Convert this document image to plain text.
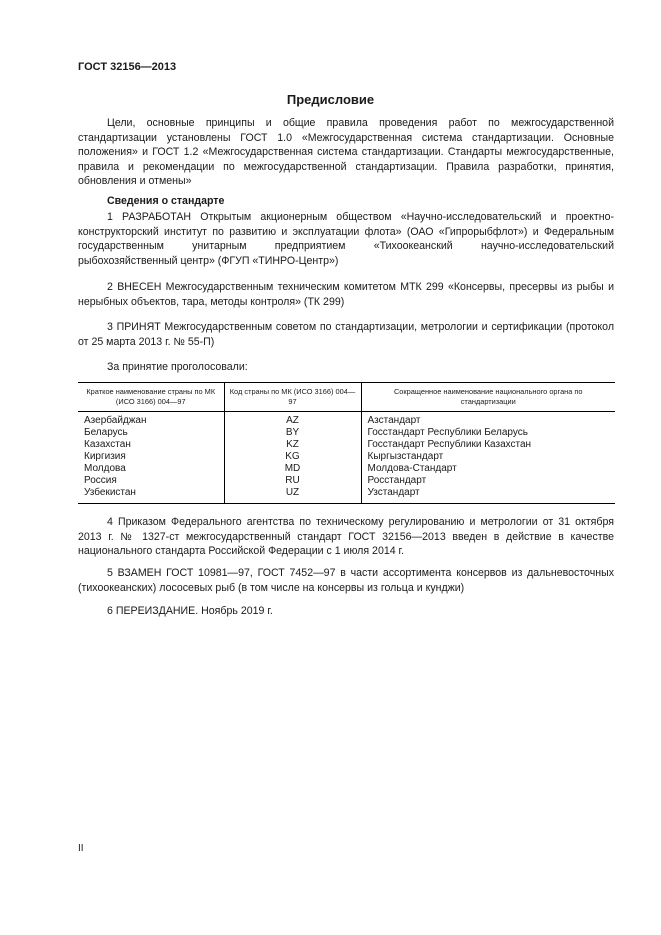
ГОСТ 32156—2013
Предисловие

Цели, основные принципы и общие правила проведения работ по межгосударственной стандартизации установлены ГОСТ 1.0 «Межгосударственная система стандартизации. Основные положения» и ГОСТ 1.2 «Межгосударственная система стандартизации. Стандарты межгосударственные, правила и рекомендации по межгосударственной стандартизации. Правила разработки, принятия, обновления и отмены»

Сведения о стандарте

1 РАЗРАБОТАН Открытым акционерным обществом «Научно-исследовательский и проектно-конструкторский институт по развитию и эксплуатации флота» (ОАО «Гипрорыбфлот») и Федеральным государственным унитарным предприятием «Тихоокеанский научно-исследовательский рыбохозяйственный центр» (ФГУП «ТИНРО-Центр»)

2 ВНЕСЕН Межгосударственным техническим комитетом МТК 299 «Консервы, пресервы из рыбы и нерыбных объектов, тара, методы контроля» (ТК 299)

3 ПРИНЯТ Межгосударственным советом по стандартизации, метрологии и сертификации (протокол от 25 марта 2013 г. № 55-П)

За принятие проголосовали:
Краткое наименование страны по МК (ИСО 3166) 004—97	Код страны по МК (ИСО 3166) 004—97	Сокращенное наименование национального органа по стандартизации
Азербайджан	AZ	Азстандарт
Беларусь	BY	Госстандарт Республики Беларусь
Казахстан	KZ	Госстандарт Республики Казахстан
Киргизия	KG	Кыргызстандарт
Молдова	MD	Молдова-Стандарт
Россия	RU	Росстандарт
Узбекистан	UZ	Узстандарт

4 Приказом Федерального агентства по техническому регулированию и метрологии от 31 октября 2013 г. № 1327-ст межгосударственный стандарт ГОСТ 32156—2013 введен в действие в качестве национального стандарта Российской Федерации с 1 июля 2014 г.

5 ВЗАМЕН ГОСТ 10981—97, ГОСТ 7452—97 в части ассортимента консервов из дальневосточных (тихоокеанских) лососевых рыб (в том числе на консервы из гольца и кунджи)

6 ПЕРЕИЗДАНИЕ. Ноябрь 2019 г.

II
